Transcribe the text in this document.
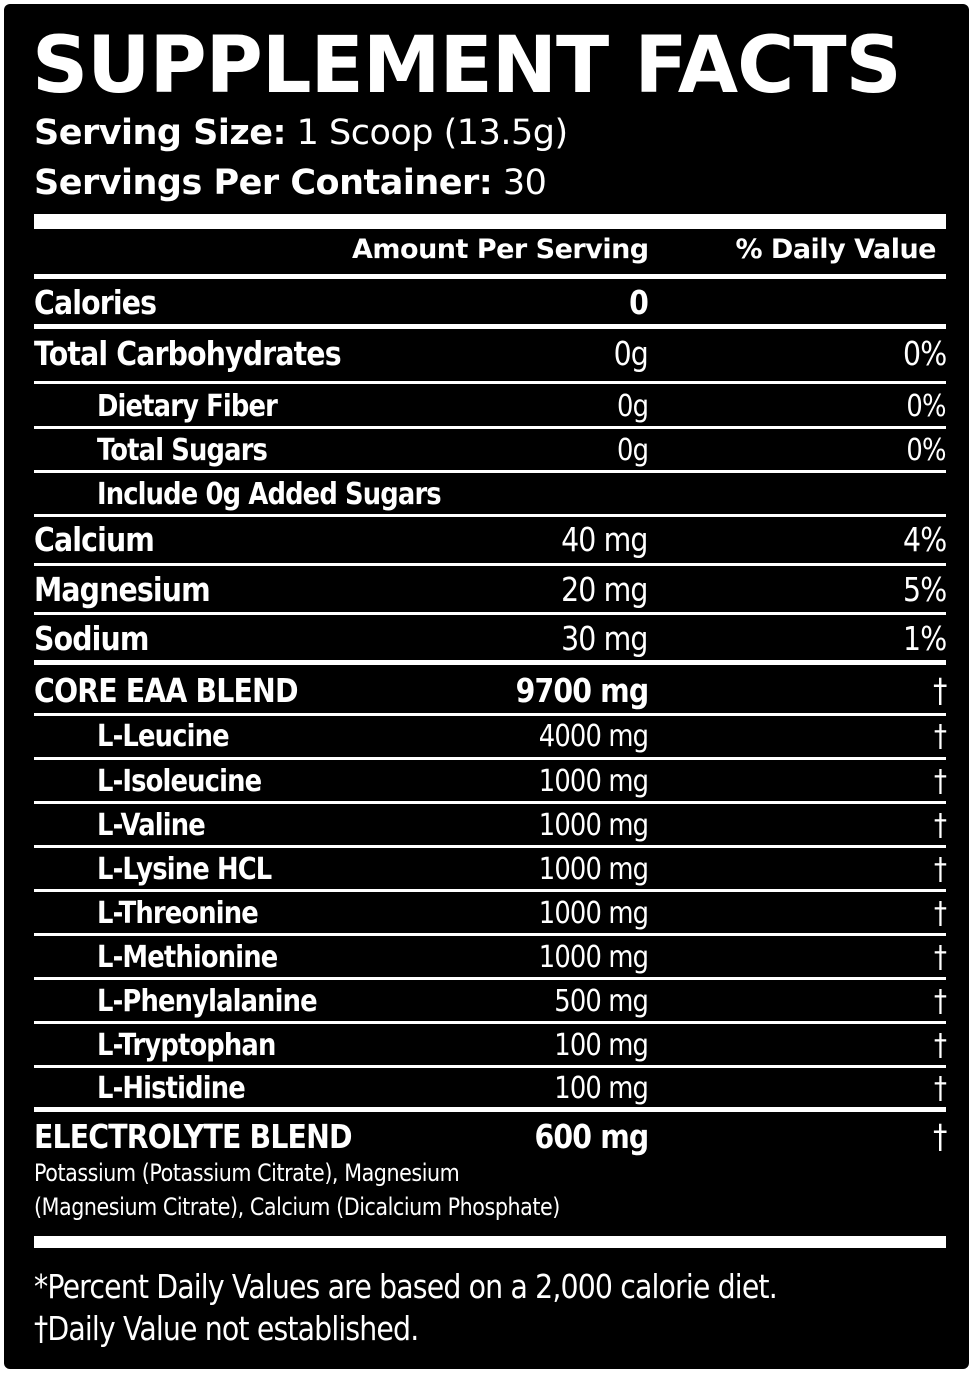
SUPPLEMENT FACTS
Serving Size: 1 Scoop (13.5g)
Servings Per Container: 30
Amount Per Serving	% Daily Value
Calories	0
Total Carbohydrates	0g	0%
Dietary Fiber	0g	0%
Total Sugars	0g	0%
Include 0g Added Sugars
Calcium	40 mg	4%
Magnesium	20 mg	5%
Sodium	30 mg	1%
CORE EAA BLEND	9700 mg	†
L-Leucine	4000 mg	†
L-Isoleucine	1000 mg	†
L-Valine	1000 mg	†
L-Lysine HCL	1000 mg	†
L-Threonine	1000 mg	†
L-Methionine	1000 mg	†
L-Phenylalanine	500 mg	†
L-Tryptophan	100 mg	†
L-Histidine	100 mg	†
ELECTROLYTE BLEND	600 mg	†
Potassium (Potassium Citrate), Magnesium
(Magnesium Citrate), Calcium (Dicalcium Phosphate)
*Percent Daily Values are based on a 2,000 calorie diet.
†Daily Value not established.
